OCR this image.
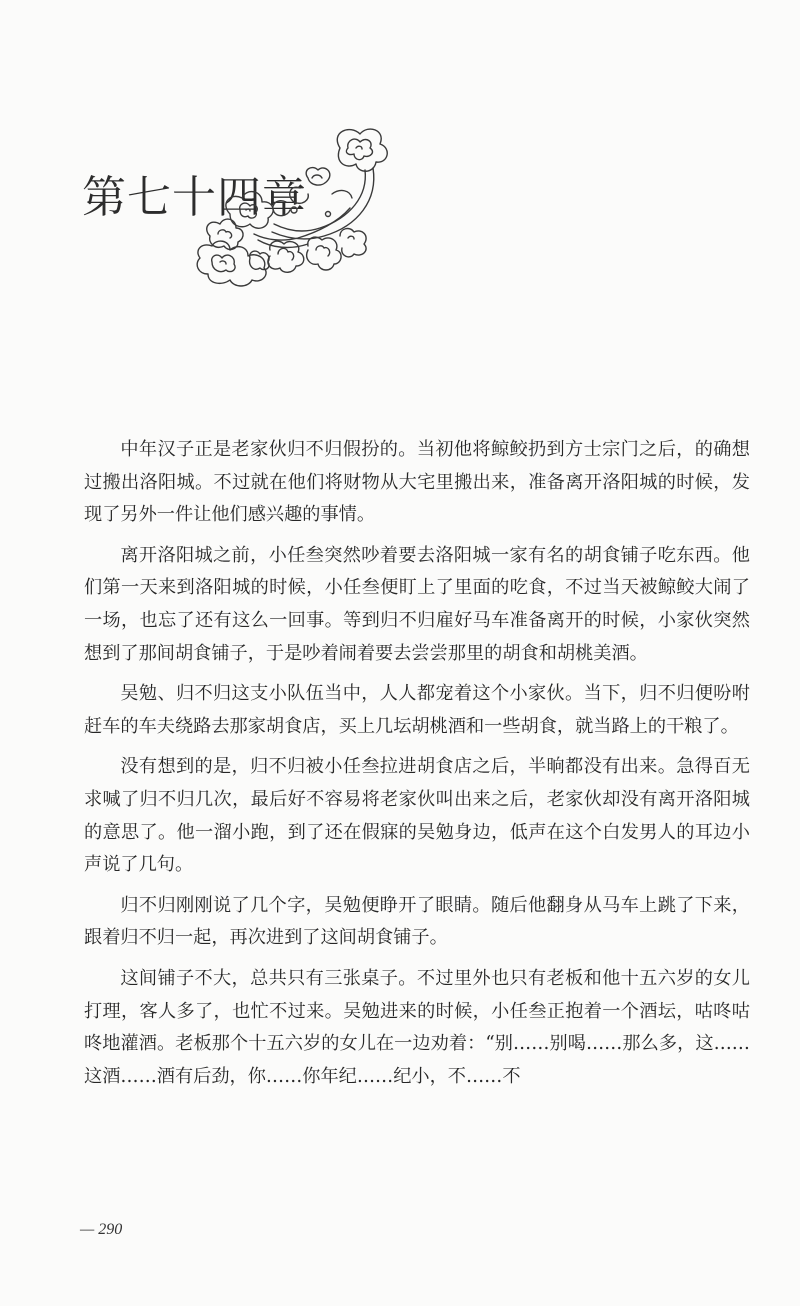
第七十四章

中年汉子正是老家伙归不归假扮的。当初他将鲸鲛扔到方士宗门之后，的确想过搬出洛阳城。不过就在他们将财物从大宅里搬出来，准备离开洛阳城的时候，发现了另外一件让他们感兴趣的事情。

离开洛阳城之前，小任叁突然吵着要去洛阳城一家有名的胡食铺子吃东西。他们第一天来到洛阳城的时候，小任叁便盯上了里面的吃食，不过当天被鲸鲛大闹了一场，也忘了还有这么一回事。等到归不归雇好马车准备离开的时候，小家伙突然想到了那间胡食铺子，于是吵着闹着要去尝尝那里的胡食和胡桃美酒。

吴勉、归不归这支小队伍当中，人人都宠着这个小家伙。当下，归不归便吩咐赶车的车夫绕路去那家胡食店，买上几坛胡桃酒和一些胡食，就当路上的干粮了。

没有想到的是，归不归被小任叁拉进胡食店之后，半晌都没有出来。急得百无求喊了归不归几次，最后好不容易将老家伙叫出来之后，老家伙却没有离开洛阳城的意思了。他一溜小跑，到了还在假寐的吴勉身边，低声在这个白发男人的耳边小声说了几句。

归不归刚刚说了几个字，吴勉便睁开了眼睛。随后他翻身从马车上跳了下来，跟着归不归一起，再次进到了这间胡食铺子。

这间铺子不大，总共只有三张桌子。不过里外也只有老板和他十五六岁的女儿打理，客人多了，也忙不过来。吴勉进来的时候，小任叁正抱着一个酒坛，咕咚咕咚地灌酒。老板那个十五六岁的女儿在一边劝着：“别……别喝……那么多，这……这酒……酒有后劲，你……你年纪……纪小，不……不

— 290
